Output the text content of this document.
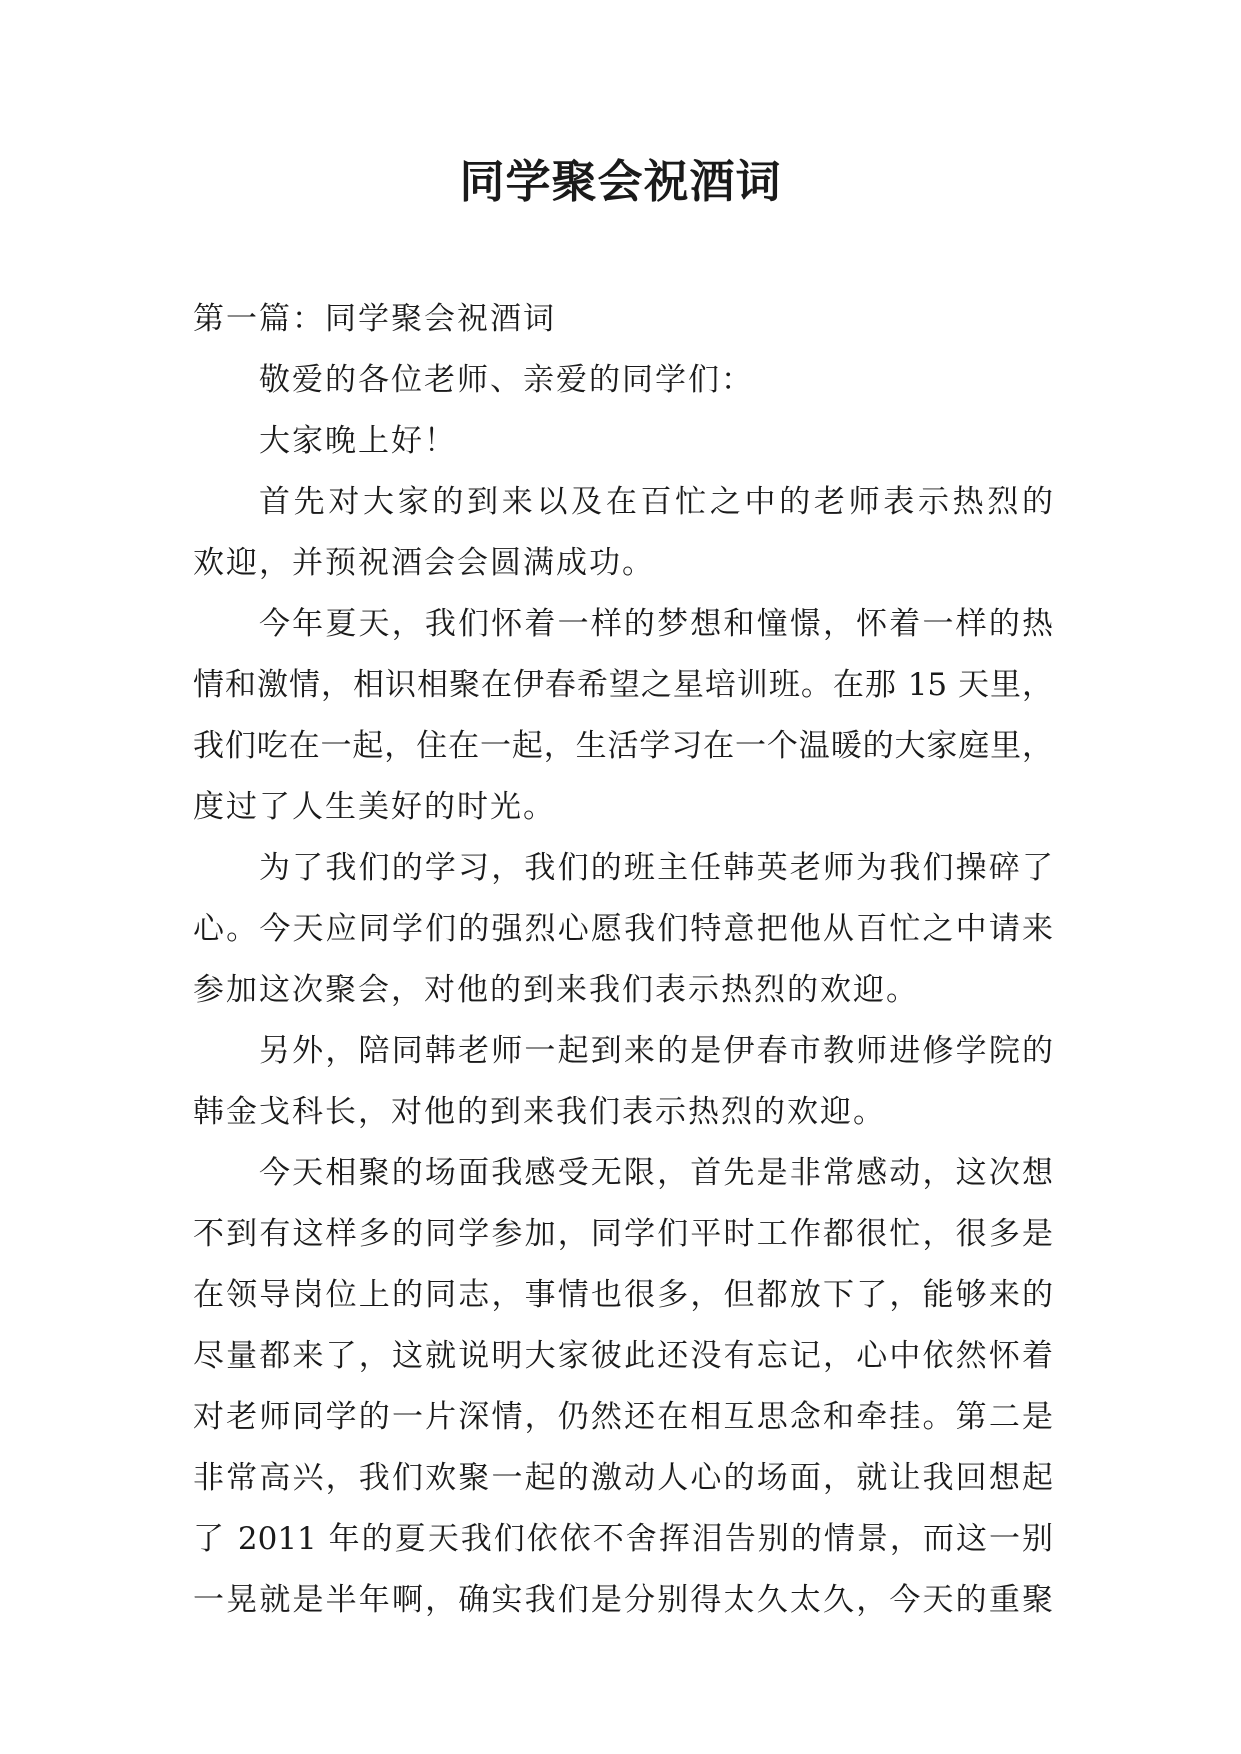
同学聚会祝酒词
第一篇：同学聚会祝酒词
敬爱的各位老师、亲爱的同学们：
大家晚上好！
首先对大家的到来以及在百忙之中的老师表示热烈的
欢迎，并预祝酒会会圆满成功。
今年夏天，我们怀着一样的梦想和憧憬，怀着一样的热
情和激情，相识相聚在伊春希望之星培训班。在那 15 天里，
我们吃在一起，住在一起，生活学习在一个温暖的大家庭里，
度过了人生美好的时光。
为了我们的学习，我们的班主任韩英老师为我们操碎了
心。今天应同学们的强烈心愿我们特意把他从百忙之中请来
参加这次聚会，对他的到来我们表示热烈的欢迎。
另外，陪同韩老师一起到来的是伊春市教师进修学院的
韩金戈科长，对他的到来我们表示热烈的欢迎。
今天相聚的场面我感受无限，首先是非常感动，这次想
不到有这样多的同学参加，同学们平时工作都很忙，很多是
在领导岗位上的同志，事情也很多，但都放下了，能够来的
尽量都来了，这就说明大家彼此还没有忘记，心中依然怀着
对老师同学的一片深情，仍然还在相互思念和牵挂。第二是
非常高兴，我们欢聚一起的激动人心的场面，就让我回想起
了 2011 年的夏天我们依依不舍挥泪告别的情景，而这一别
一晃就是半年啊，确实我们是分别得太久太久，今天的重聚
